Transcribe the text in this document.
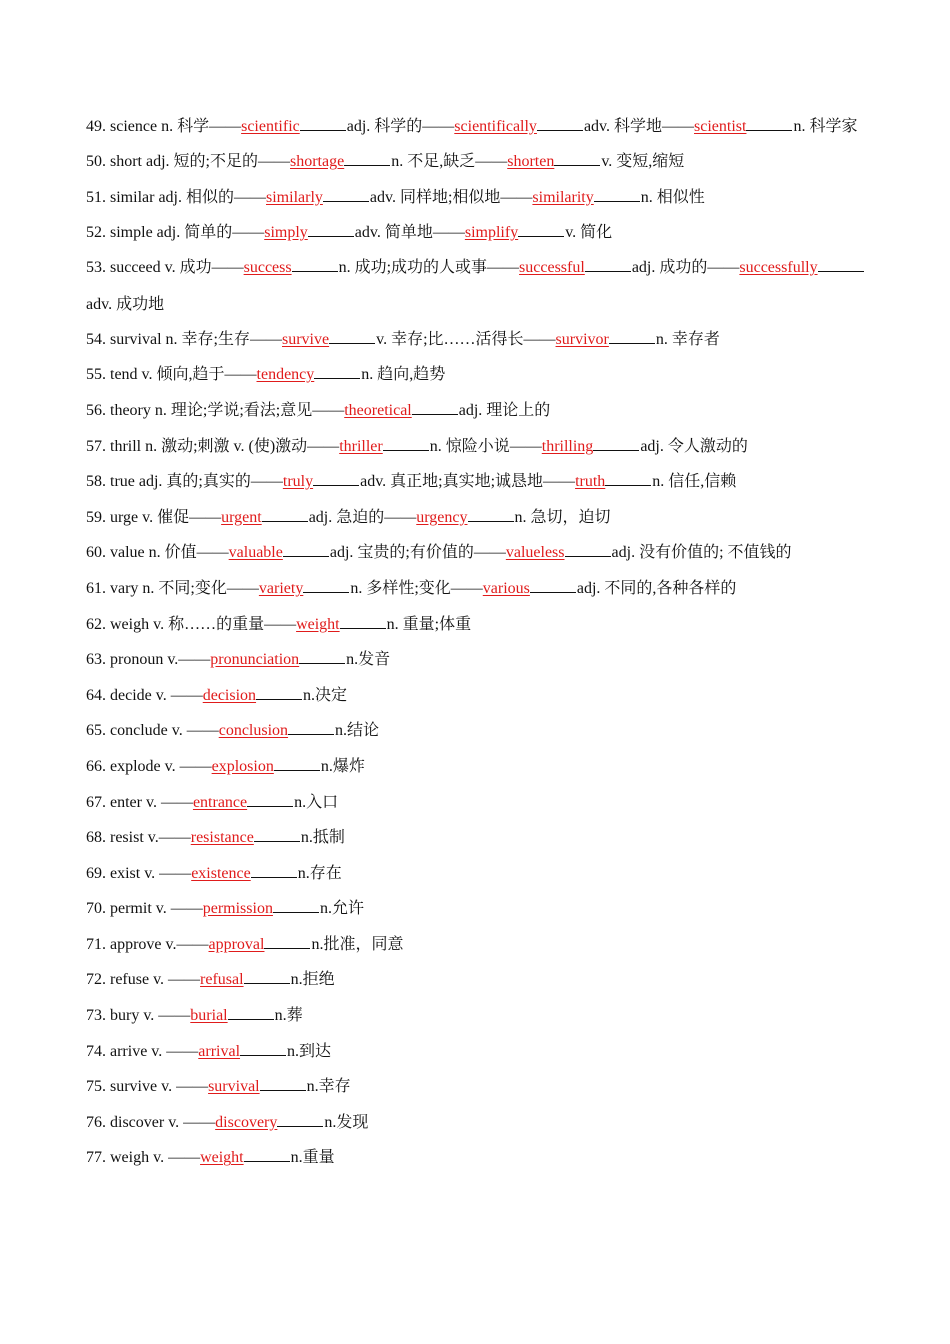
49. science n. 科学——scientific	adj. 科学的——scientifically	adv. 科学地——scientist	n. 科学家
50. short adj. 短的;不足的——shortage	n. 不足,缺乏——shorten	v. 变短,缩短
51. similar adj. 相似的——similarly	adv. 同样地;相似地——similarity	n. 相似性
52. simple adj. 简单的——simply	adv. 简单地——simplify	v. 简化
53. succeed v. 成功——success	n. 成功;成功的人或事——successful	adj. 成功的——successfullyadv. 成功地
54. survival n. 幸存;生存——survive	v. 幸存;比……活得长——survivor	n. 幸存者
55. tend v. 倾向,趋于——tendency	n. 趋向,趋势
56. theory n. 理论;学说;看法;意见——theoretical	adj. 理论上的
57. thrill n. 激动;刺激 v. (使)激动——thriller	n. 惊险小说——thrilling	adj. 令人激动的
58. true adj. 真的;真实的——truly	adv. 真正地;真实地;诚恳地——truth	n. 信任,信赖
59. urge v. 催促——urgent	adj. 急迫的——urgency	n. 急切，迫切
60. value n. 价值——valuable	adj. 宝贵的;有价值的——valueless	adj. 没有价值的; 不值钱的
61. vary n. 不同;变化——variety	n. 多样性;变化——various	adj. 不同的,各种各样的
62. weigh v. 称……的重量——weight	n. 重量;体重
63. pronoun v.——pronunciation	n.发音
64. decide v. ——decision	n.决定
65. conclude v. ——conclusion	n.结论
66. explode v. ——explosion	n.爆炸
67. enter v. ——entrance	n.入口
68. resist v.——resistance	n.抵制
69. exist v. ——existence	n.存在
70. permit v. ——permission	n.允许
71. approve v.——approval	n.批准，同意
72. refuse v. ——refusal	n.拒绝
73. bury v. ——burial	n.葬
74. arrive v. ——arrival	n.到达
75. survive v. ——survival	n.幸存
76. discover v. ——discovery	n.发现
77. weigh v. ——weight	n.重量
